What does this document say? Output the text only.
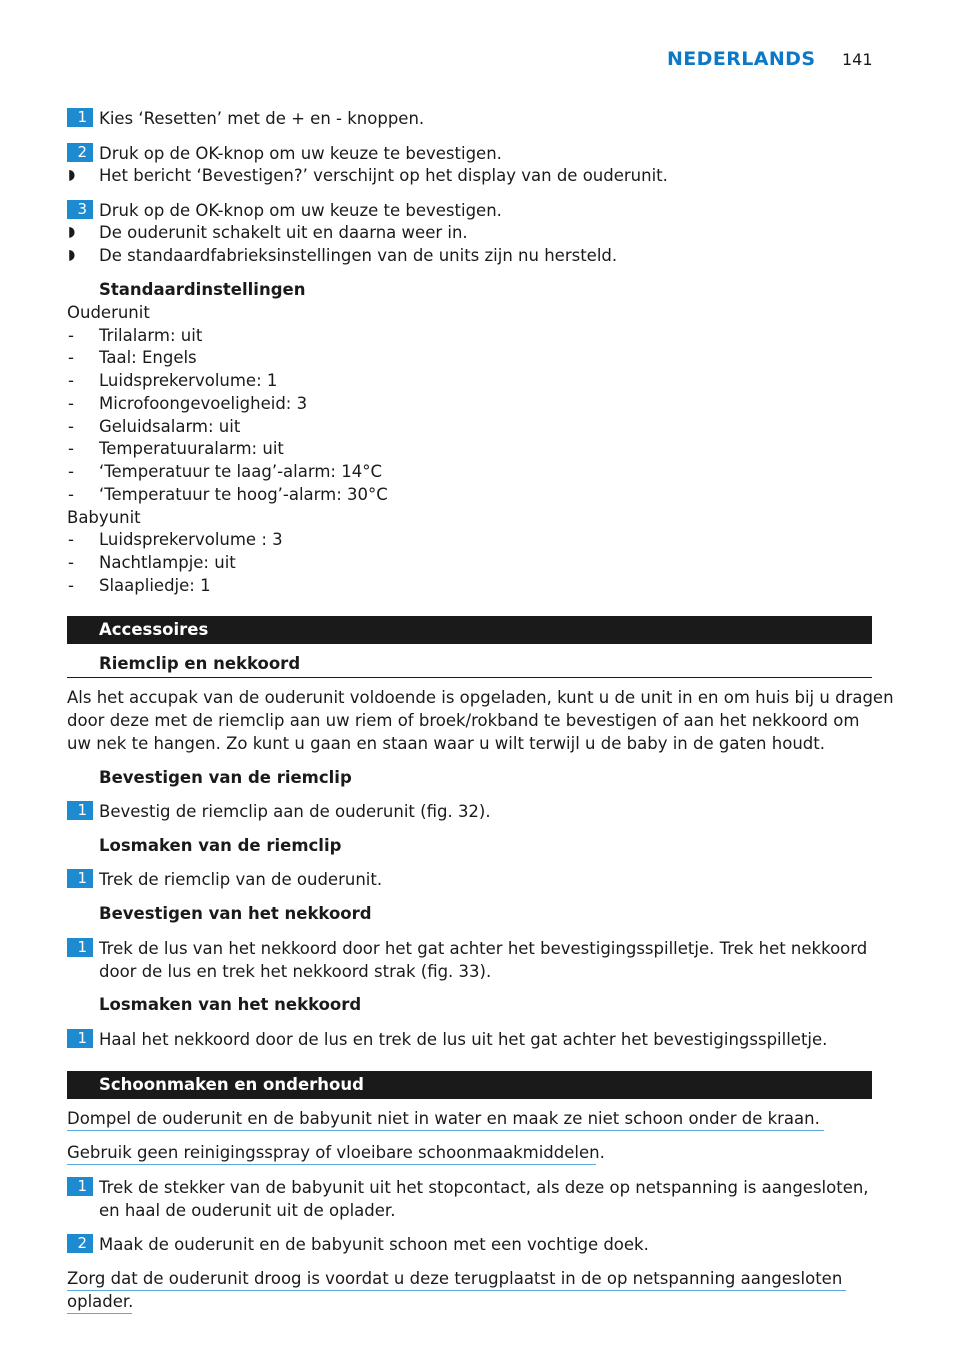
NEDERLANDS 141
1 Kies ‘Resetten’ met de + en - knoppen.
2 Druk op de OK-knop om uw keuze te bevestigen.
◗ Het bericht ‘Bevestigen?’ verschijnt op het display van de ouderunit.
3 Druk op de OK-knop om uw keuze te bevestigen.
◗ De ouderunit schakelt uit en daarna weer in.
◗ De standaardfabrieksinstellingen van de units zijn nu hersteld.
Standaardinstellingen
Ouderunit
- Trilalarm: uit
- Taal: Engels
- Luidsprekervolume: 1
- Microfoongevoeligheid: 3
- Geluidsalarm: uit
- Temperatuuralarm: uit
- ‘Temperatuur te laag’-alarm: 14°C
- ‘Temperatuur te hoog’-alarm: 30°C
Babyunit
- Luidsprekervolume : 3
- Nachtlampje: uit
- Slaapliedje: 1
Accessoires
Riemclip en nekkoord
Als het accupak van de ouderunit voldoende is opgeladen, kunt u de unit in en om huis bij u dragen
door deze met de riemclip aan uw riem of broek/rokband te bevestigen of aan het nekkoord om
uw nek te hangen. Zo kunt u gaan en staan waar u wilt terwijl u de baby in de gaten houdt.
Bevestigen van de riemclip
1 Bevestig de riemclip aan de ouderunit (fig. 32).
Losmaken van de riemclip
1 Trek de riemclip van de ouderunit.
Bevestigen van het nekkoord
1 Trek de lus van het nekkoord door het gat achter het bevestigingsspilletje. Trek het nekkoord
door de lus en trek het nekkoord strak (fig. 33).
Losmaken van het nekkoord
1 Haal het nekkoord door de lus en trek de lus uit het gat achter het bevestigingsspilletje.
Schoonmaken en onderhoud
Dompel de ouderunit en de babyunit niet in water en maak ze niet schoon onder de kraan.
Gebruik geen reinigingsspray of vloeibare schoonmaakmiddelen.
1 Trek de stekker van de babyunit uit het stopcontact, als deze op netspanning is aangesloten,
en haal de ouderunit uit de oplader.
2 Maak de ouderunit en de babyunit schoon met een vochtige doek.
Zorg dat de ouderunit droog is voordat u deze terugplaatst in de op netspanning aangesloten
oplader.
